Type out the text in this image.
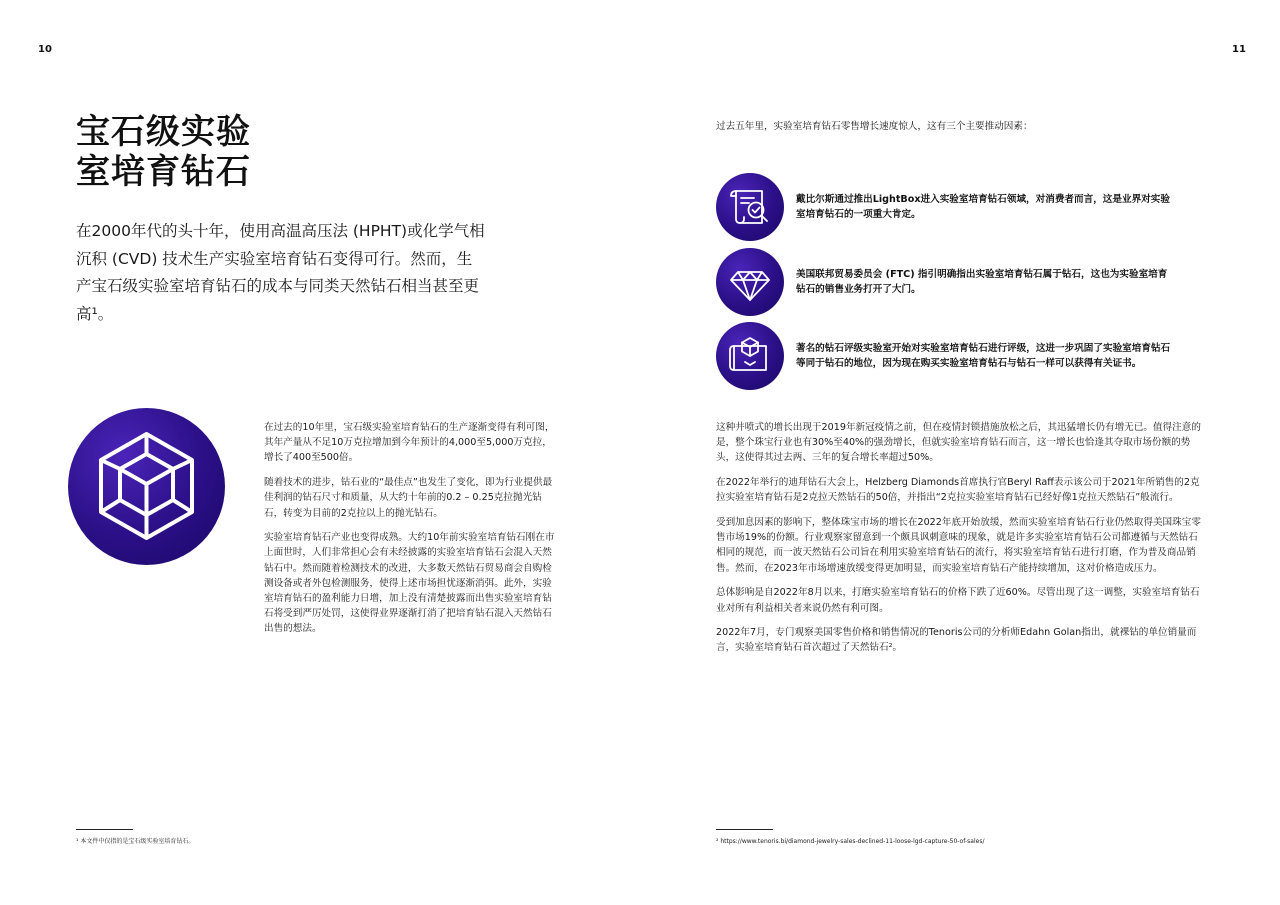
10	11
宝石级实验
室培育钻石
在2000年代的头十年，使用高温高压法 (HPHT)或化学气相沉积 (CVD) 技术生产实验室培育钻石变得可行。然而，生产宝石级实验室培育钻石的成本与同类天然钻石相当甚至更高¹。

在过去的10年里，宝石级实验室培育钻石的生产逐渐变得有利可图，其年产量从不足10万克拉增加到今年预计的4,000至5,000万克拉，增长了400至500倍。

随着技术的进步，钻石业的“最佳点”也发生了变化，即为行业提供最佳利润的钻石尺寸和质量，从大约十年前的0.2 – 0.25克拉抛光钻石，转变为目前的2克拉以上的抛光钻石。

实验室培育钻石产业也变得成熟。大约10年前实验室培育钻石刚在市上面世时，人们非常担心会有未经披露的实验室培育钻石会混入天然钻石中。然而随着检测技术的改进，大多数天然钻石贸易商会自购检测设备或者外包检测服务，使得上述市场担忧逐渐消弭。此外，实验室培育钻石的盈利能力日增，加上没有清楚披露而出售实验室培育钻石将受到严厉处罚，这使得业界逐渐打消了把培育钻石混入天然钻石出售的想法。

¹ 本文件中仅指的是宝石级实验室培育钻石。
过去五年里，实验室培育钻石零售增长速度惊人，这有三个主要推动因素：
戴比尔斯通过推出LightBox进入实验室培育钻石领域，对消费者而言，这是业界对实验室培育钻石的一项重大肯定。
美国联邦贸易委员会 (FTC) 指引明确指出实验室培育钻石属于钻石，这也为实验室培育钻石的销售业务打开了大门。
著名的钻石评级实验室开始对实验室培育钻石进行评级，这进一步巩固了实验室培育钻石等同于钻石的地位，因为现在购买实验室培育钻石与钻石一样可以获得有关证书。

这种井喷式的增长出现于2019年新冠疫情之前，但在疫情封锁措施放松之后，其迅猛增长仍有增无已。值得注意的是，整个珠宝行业也有30%至40%的强劲增长，但就实验室培育钻石而言，这一增长也恰逢其夺取市场份额的势头，这使得其过去两、三年的复合增长率超过50%。

在2022年举行的迪拜钻石大会上，Helzberg Diamonds首席执行官Beryl Raff表示该公司于2021年所销售的2克拉实验室培育钻石是2克拉天然钻石的50倍，并指出“2克拉实验室培育钻石已经好像1克拉天然钻石”般流行。

受到加息因素的影响下，整体珠宝市场的增长在2022年底开始放缓，然而实验室培育钻石行业仍然取得美国珠宝零售市场19%的份额。行业观察家留意到一个颇具讽刺意味的现象，就是许多实验室培育钻石公司都遵循与天然钻石相同的规范，而一波天然钻石公司旨在利用实验室培育钻石的流行，将实验室培育钻石进行打磨，作为普及商品销售。然而，在2023年市场增速放缓变得更加明显，而实验室培育钻石产能持续增加，这对价格造成压力。

总体影响是自2022年8月以来，打磨实验室培育钻石的价格下跌了近60%。尽管出现了这一调整，实验室培育钻石业对所有利益相关者来说仍然有利可图。

2022年7月，专门观察美国零售价格和销售情况的Tenoris公司的分析师Edahn Golan指出，就裸钻的单位销量而言，实验室培育钻石首次超过了天然钻石²。

² https://www.tenoris.bi/diamond-jewelry-sales-declined-11-loose-lgd-capture-50-of-sales/
